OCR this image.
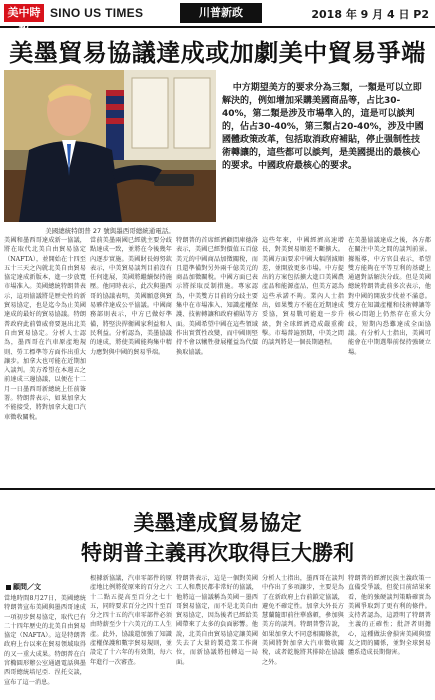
美中時報
SINO US TIMES	川普新政	2018 年 9 月 4 日 P2
美墨貿易協議達成或加劇美中貿易爭端
美國總統特朗普 27 號與墨西哥總統通電話。
中方期望美方的要求分為三類，一類是可以立即解決的，例如增加采購美國商品等，占比30-40%，第二類是涉及市場準入的，這是可以談判的，佔占30-40%，第三類占20-40%，涉及中國國體政策改革，包括取消政府補貼，停止强制性技術轉讓的，這些都可以談判，是美國提出的最核心的要求。中國政府最核心的要求。
美國和墨西哥達成新一協議，將在取代北美自由貿易協定（NAFTA），並開始在十四至五十三天之內就北美自由貿易協定達成新版本，進一步放寬市場准入。美國總統特朗普表示，這項協議將是歷史性的新貿易協定，也是迄今為止美國達成的最好的貿易協議。特朗普政府此前曾威脅要退出北美自由貿易協定。分析人士認為，墨西哥在汽車原產地規則、勞工標準等方面作出重大讓步。加拿大也可能在近期加入談判。美方希望在本週五之前達成三邊協議，以便在十二月一日墨西哥新總統上任前簽署。特朗普表示，如果加拿大不能接受，將對加拿大進口汽車徵收關稅。
當前美墨兩國已經就主要分歧點達成一致，並將在今後幾年內逐步實施。美國財長姆努欽表示，中美貿易談判目前沒有任何進展，美國將繼續保持施壓。他同時表示，此次與墨西哥的協議表明，美國願意與貿易夥伴達成公平協議。中國商務部則表示，中方已做好準備，將堅決捍衛國家利益和人民利益。分析認為，美墨協議的達成，將使美國能夠集中精力應對與中國的貿易爭端。
特朗普的首席經濟顧問庫德洛表示，美國已經對價值五百億美元的中國商品加徵關稅，而且還準備對另外兩千億美元的商品加徵關稅。中國方面已表示將採取反制措施。專家認為，中美雙方目前的分歧主要集中在市場准入、知識產權保護、技術轉讓和政府補貼等方面。美國希望中國在這些領域作出實質性改變，而中國則堅持不會以犧牲發展權益為代價換取協議。
這些年來，中國經濟高速增長，對美貿易順差不斷擴大。美國方面要求中國大幅削減順差，並開放更多市場。中方提出的方案包括擴大進口美國農產品和能源產品，但美方認為這些承諾不夠。業內人士指出，如果雙方不能在近期達成妥協，貿易戰可能進一步升級，對全球經濟造成嚴重衝擊。市場普遍預期，中美之間的談判將是一個長期過程。
在美墨協議達成之後，各方都在關注中美之間的談判前景。據報導，中方官員表示，希望雙方能夠在平等互利的基礎上通過對話解決分歧。但是美國總統特朗普此前多次表示，他對中國的開放步伐並不滿意。雙方在知識產權和技術轉讓等核心問題上仍然存在重大分歧，短期內恐難達成全面協議。有分析人士指出，美國可能會在中期選舉前保持強硬立場。
美墨達成貿易協定
特朗普主義再次取得巨大勝利
顧問／文
當地時間8月27日，美國總統特朗普宣布美國與墨西哥達成一項初步貿易協定，取代已有二十四年歷史的北美自由貿易協定（NAFTA）。這是特朗普政府上台以來在貿易領域取得的又一重大成果。特朗普在白宮橢圓形辦公室通過電話與墨西哥總統培尼亞．涅托交談，宣布了這一消息。
根據新協議，汽車零部件的原產地比例將從原來的百分之六十二點五提高至百分之七十五，同時要求百分之四十至百分之四十五的汽車零部件必須由時薪至少十六美元的工人生產。此外，協議還加強了知識產權保護和數字貿易規則，並設定了十六年的有效期，每六年進行一次審查。
特朗普表示，這是一個對美國工人和農民都非常好的協議，他將這一協議稱為美國－墨西哥貿易協定，而不是北美自由貿易協定，因為後者已經給美國帶來了太多的負面影響。他說，北美自由貿易協定讓美國失去了大量的製造業工作崗位，而新協議將扭轉這一局面。
分析人士指出，墨西哥在談判中作出了多項讓步，主要是為了在新政府上台前鎖定協議，避免不確定性。加拿大外長方慧蘭隨即前往華盛頓，參加與美方的談判。特朗普警告說，如果加拿大不同意相關條款，美國將對加拿大汽車徵收關稅，或者乾脆將其排除在協議之外。
特朗普的經濟民族主義政策一直備受爭議，但從目前結果來看，他的強硬談判策略確實為美國爭取到了更有利的條件。支持者認為，這證明了特朗普主義的正確性；批評者則擔心，這種做法會損害美國與盟友之間的關係，並對全球貿易體系造成長期傷害。
